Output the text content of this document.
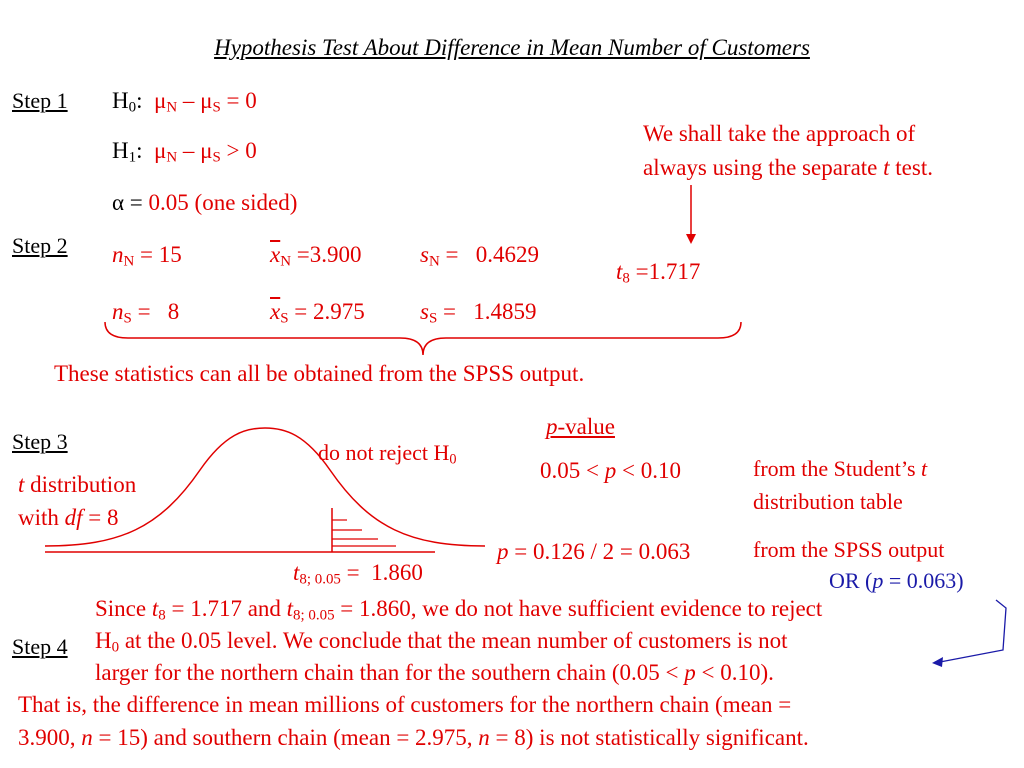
Hypothesis Test About Difference in Mean Number of Customers
Step 1
Step 2
Step 3
Step 4
$H_0$: $\mu_N - \mu_S = 0$
$H_1$: $\mu_N - \mu_S > 0$
α = 0.05 (one sided)
We shall take the approach of
always using the separate t test.
$n_N = 15$	$\overline{x}_N =3.900$	$s_N = 0.4629$
$n_S = 8$	$\overline{x}_S = 2.975$ $s_S = 1.4859$
$t_8 =1.717$
These statistics can all be obtained from the SPSS output.
t distribution
with df = 8
do not reject $H_0$
$t_{8; 0.05} = 1.860$
p-value
0.05 < p < 0.10	from the Student’s t
distribution table
p = 0.126 / 2 = 0.063	from the SPSS output
OR (p = 0.063)
Since $t_8 = 1.717$ and $t_{8; 0.05} = 1.860$, we do not have sufficient evidence to reject
$H_0$ at the 0.05 level. We conclude that the mean number of customers is not
larger for the northern chain than for the southern chain (0.05 < p < 0.10).
That is, the difference in mean millions of customers for the northern chain (mean =
3.900, n = 15) and southern chain (mean = 2.975, n = 8) is not statistically significant.
